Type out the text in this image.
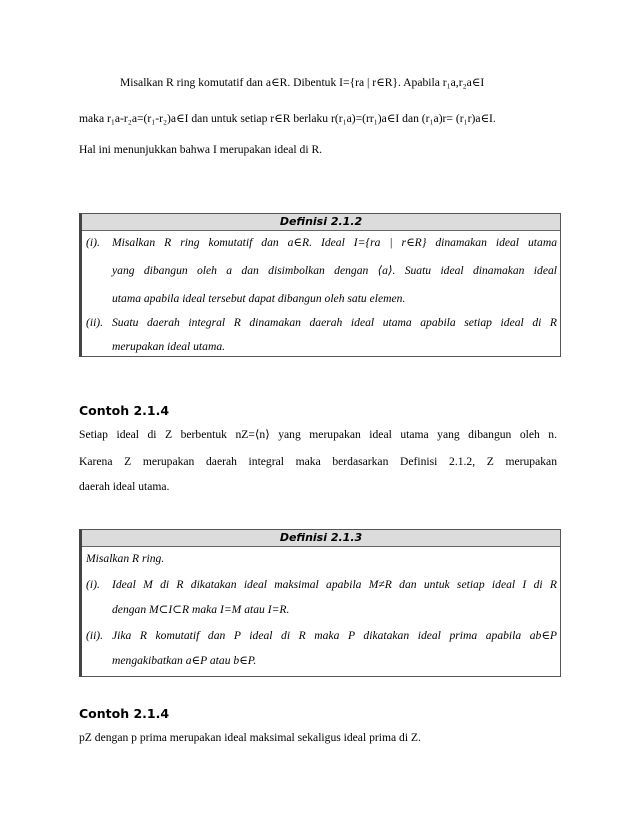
Misalkan R ring komutatif dan a∈R. Dibentuk I={ra | r∈R}. Apabila r₁a,r₂a∈I
maka r₁a-r₂a=(r₁-r₂)a∈I dan untuk setiap r∈R berlaku r(r₁a)=(rr₁)a∈I dan (r₁a)r= (r₁r)a∈I.
Hal ini menunjukkan bahwa I merupakan ideal di R.
Definisi 2.1.2
(i). Misalkan R ring komutatif dan a∈R. Ideal I={ra | r∈R} dinamakan ideal utama
yang dibangun oleh a dan disimbolkan dengan ⟨a⟩. Suatu ideal dinamakan ideal
utama apabila ideal tersebut dapat dibangun oleh satu elemen.
(ii). Suatu daerah integral R dinamakan daerah ideal utama apabila setiap ideal di R
merupakan ideal utama.
Contoh 2.1.4
Setiap ideal di Z berbentuk nZ=⟨n⟩ yang merupakan ideal utama yang dibangun oleh n.
Karena Z merupakan daerah integral maka berdasarkan Definisi 2.1.2, Z merupakan
daerah ideal utama.
Definisi 2.1.3
Misalkan R ring.
(i). Ideal M di R dikatakan ideal maksimal apabila M≠R dan untuk setiap ideal I di R
dengan M⊂I⊂R maka I=M atau I=R.
(ii). Jika R komutatif dan P ideal di R maka P dikatakan ideal prima apabila ab∈P
mengakibatkan a∈P atau b∈P.
Contoh 2.1.4
pZ dengan p prima merupakan ideal maksimal sekaligus ideal prima di Z.
